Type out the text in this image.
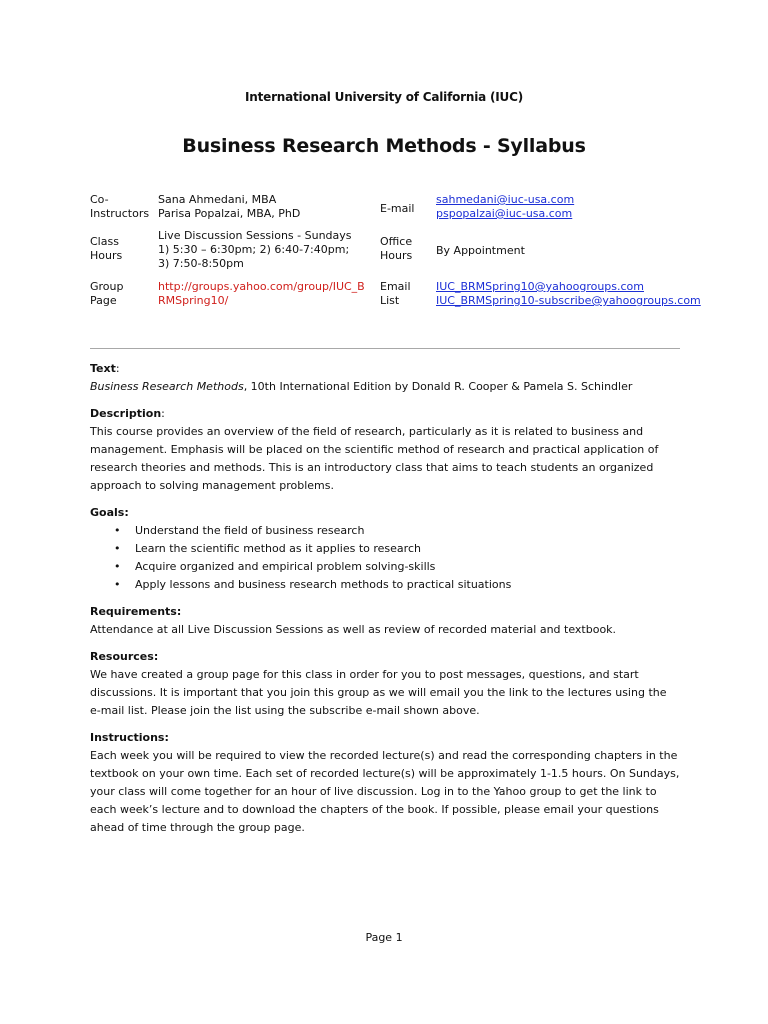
International University of California (IUC)
Business Research Methods - Syllabus
Co-Instructors
Sana Ahmedani, MBA
Parisa Popalzai, MBA, PhD	E-mail
sahmedani@iuc-usa.com
pspopalzai@iuc-usa.com
Class Hours
Live Discussion Sessions - Sundays
1) 5:30 – 6:30pm; 2) 6:40-7:40pm;
3) 7:50-8:50pm
Office Hours	By Appointment
Group Page
http://groups.yahoo.com/group/IUC_BRMSpring10/
Email List
IUC_BRMSpring10@yahoogroups.com
IUC_BRMSpring10-subscribe@yahoogroups.com
Text:

Business Research Methods, 10th International Edition by Donald R. Cooper & Pamela S. Schindler

Description:

This course provides an overview of the field of research, particularly as it is related to business and management. Emphasis will be placed on the scientific method of research and practical application of research theories and methods. This is an introductory class that aims to teach students an organized approach to solving management problems.

Goals:
• Understand the field of business research
• Learn the scientific method as it applies to research
• Acquire organized and empirical problem solving-skills
• Apply lessons and business research methods to practical situations
Requirements:

Attendance at all Live Discussion Sessions as well as review of recorded material and textbook.

Resources:

We have created a group page for this class in order for you to post messages, questions, and start discussions. It is important that you join this group as we will email you the link to the lectures using the e-mail list. Please join the list using the subscribe e-mail shown above.

Instructions:

Each week you will be required to view the recorded lecture(s) and read the corresponding chapters in the textbook on your own time. Each set of recorded lecture(s) will be approximately 1-1.5 hours. On Sundays, your class will come together for an hour of live discussion. Log in to the Yahoo group to get the link to each week’s lecture and to download the chapters of the book. If possible, please email your questions ahead of time through the group page.

Page 1
